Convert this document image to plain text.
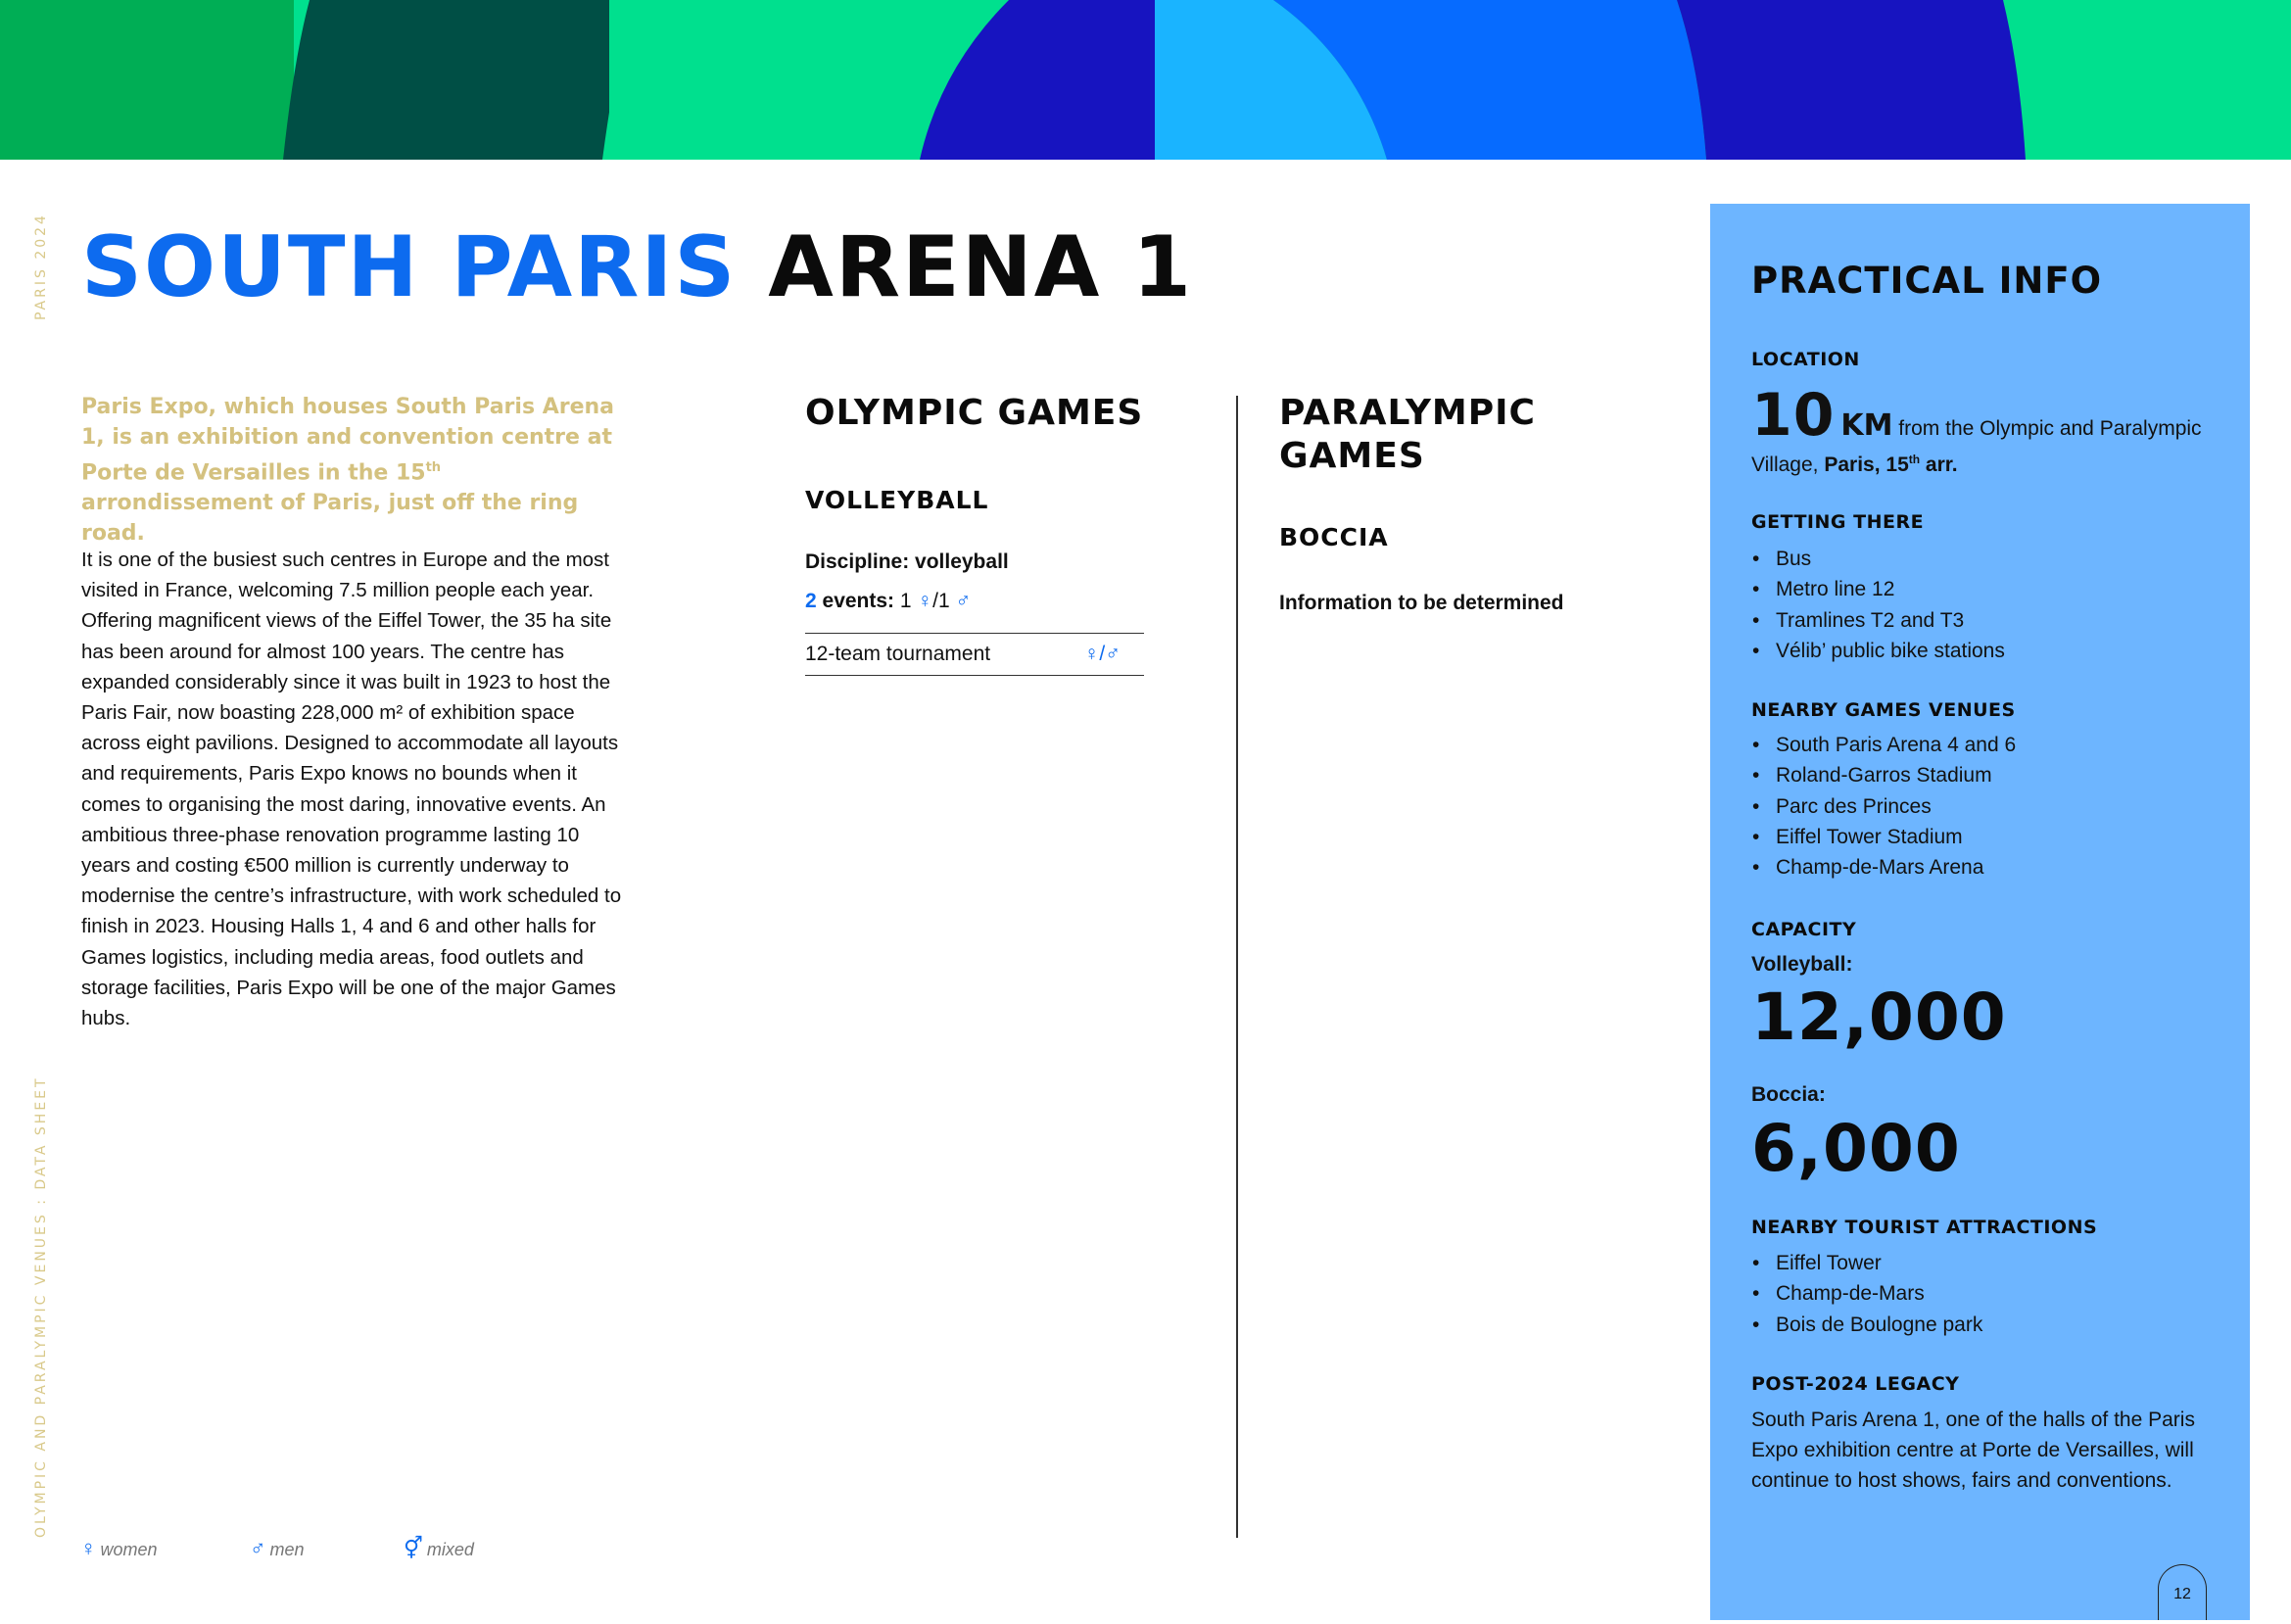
PARIS 2024
OLYMPIC AND PARALYMPIC VENUES : DATA SHEET
SOUTH PARIS ARENA 1
Paris Expo, which houses South Paris Arena 1, is an exhibition and convention centre at Porte de Versailles in the 15th arrondissement of Paris, just off the ring road.
It is one of the busiest such centres in Europe and the most visited in France, welcoming 7.5 million people each year. Offering magnificent views of the Eiffel Tower, the 35 ha site has been around for almost 100 years. The centre has expanded considerably since it was built in 1923 to host the Paris Fair, now boasting 228,000 m² of exhibition space across eight pavilions. Designed to accommodate all layouts and requirements, Paris Expo knows no bounds when it comes to organising the most daring, innovative events. An ambitious three-phase renovation programme lasting 10 years and costing €500 million is currently underway to modernise the centre’s infrastructure, with work scheduled to finish in 2023. Housing Halls 1, 4 and 6 and other halls for Games logistics, including media areas, food outlets and storage facilities, Paris Expo will be one of the major Games hubs.
OLYMPIC GAMES
VOLLEYBALL
Discipline: volleyball
2 events: 1 ♀/1 ♂
12-team tournament	♀/♂
PARALYMPIC GAMES
BOCCIA
Information to be determined
♀ women	♂ men	⚥ mixed
PRACTICAL INFO
LOCATION
10 KM from the Olympic and Paralympic Village, Paris, 15th arr.
GETTING THERE
• Bus
• Metro line 12
• Tramlines T2 and T3
• Vélib’ public bike stations
NEARBY GAMES VENUES
• South Paris Arena 4 and 6
• Roland-Garros Stadium
• Parc des Princes
• Eiffel Tower Stadium
• Champ-de-Mars Arena
CAPACITY
Volleyball:
12,000
Boccia:
6,000
NEARBY TOURIST ATTRACTIONS
• Eiffel Tower
• Champ-de-Mars
• Bois de Boulogne park
POST-2024 LEGACY
South Paris Arena 1, one of the halls of the Paris Expo exhibition centre at Porte de Versailles, will continue to host shows, fairs and conventions.
12
